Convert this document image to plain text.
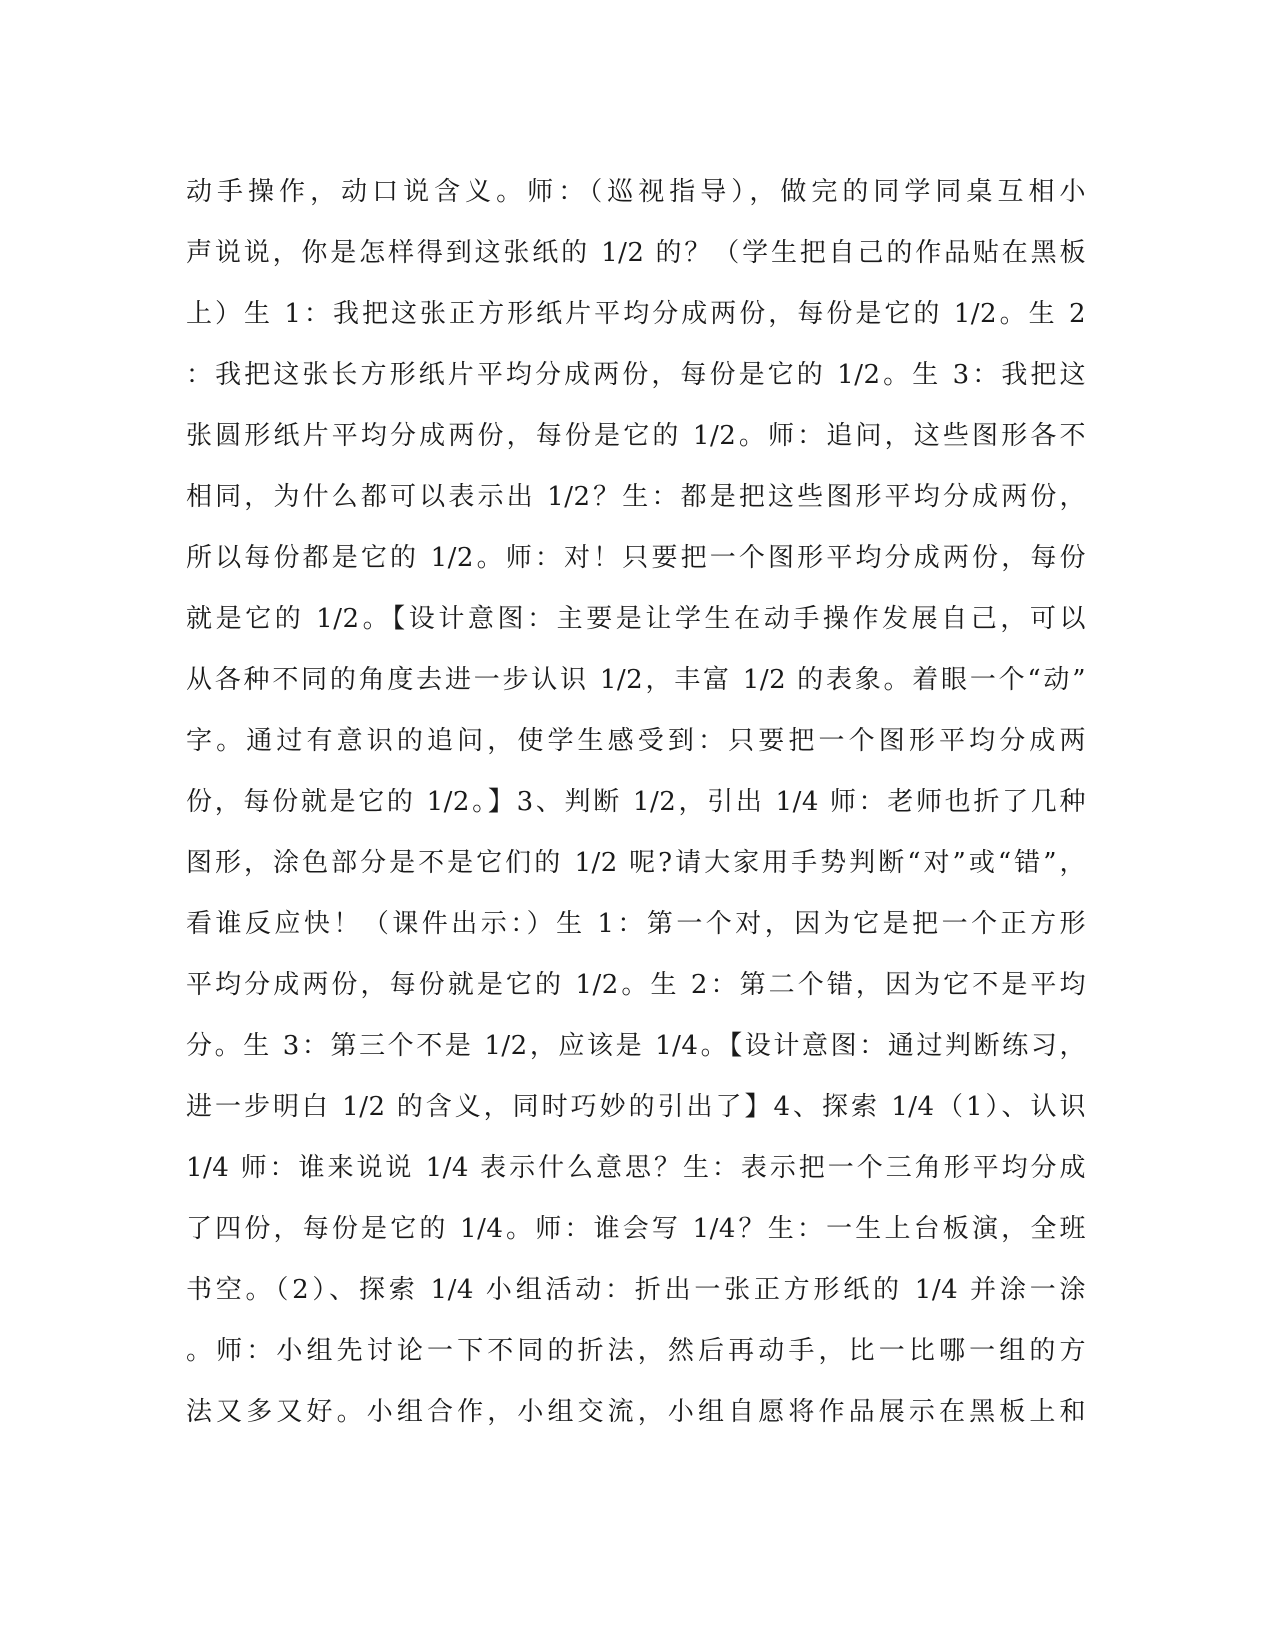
动手操作，动口说含义。师：（巡视指导），做完的同学同桌互相小
声说说，你是怎样得到这张纸的 1/2 的？（学生把自己的作品贴在黑板
上）生 1：我把这张正方形纸片平均分成两份，每份是它的 1/2。生 2
：我把这张长方形纸片平均分成两份，每份是它的 1/2。生 3：我把这
张圆形纸片平均分成两份，每份是它的 1/2。师：追问，这些图形各不
相同，为什么都可以表示出 1/2？生：都是把这些图形平均分成两份，
所以每份都是它的 1/2。师：对！只要把一个图形平均分成两份，每份
就是它的 1/2。【设计意图：主要是让学生在动手操作发展自己，可以
从各种不同的角度去进一步认识 1/2，丰富 1/2 的表象。着眼一个“动”
字。通过有意识的追问，使学生感受到：只要把一个图形平均分成两
份，每份就是它的 1/2。】3、判断 1/2，引出 1/4 师：老师也折了几种
图形，涂色部分是不是它们的 1/2 呢?请大家用手势判断“对”或“错”，
看谁反应快！（课件出示：）生 1：第一个对，因为它是把一个正方形
平均分成两份，每份就是它的 1/2。生 2：第二个错，因为它不是平均
分。生 3：第三个不是 1/2，应该是 1/4。【设计意图：通过判断练习，
进一步明白 1/2 的含义，同时巧妙的引出了】4、探索 1/4（1）、认识
1/4 师：谁来说说 1/4 表示什么意思？生：表示把一个三角形平均分成
了四份，每份是它的 1/4。师：谁会写 1/4？生：一生上台板演，全班
书空。（2）、探索 1/4 小组活动：折出一张正方形纸的 1/4 并涂一涂
。师：小组先讨论一下不同的折法，然后再动手，比一比哪一组的方
法又多又好。小组合作，小组交流，小组自愿将作品展示在黑板上和
